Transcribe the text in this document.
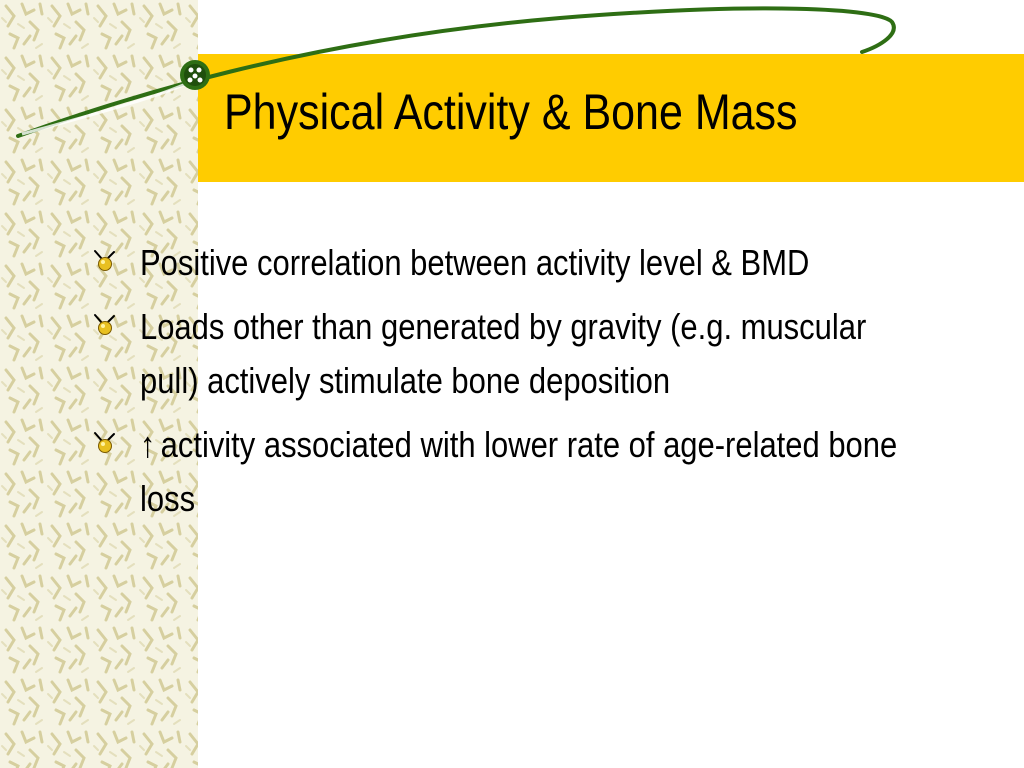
Physical Activity & Bone Mass
Positive correlation between activity level & BMD
Loads other than generated by gravity (e.g. muscular pull) actively stimulate bone deposition
↑ activity associated with lower rate of age-related bone loss
